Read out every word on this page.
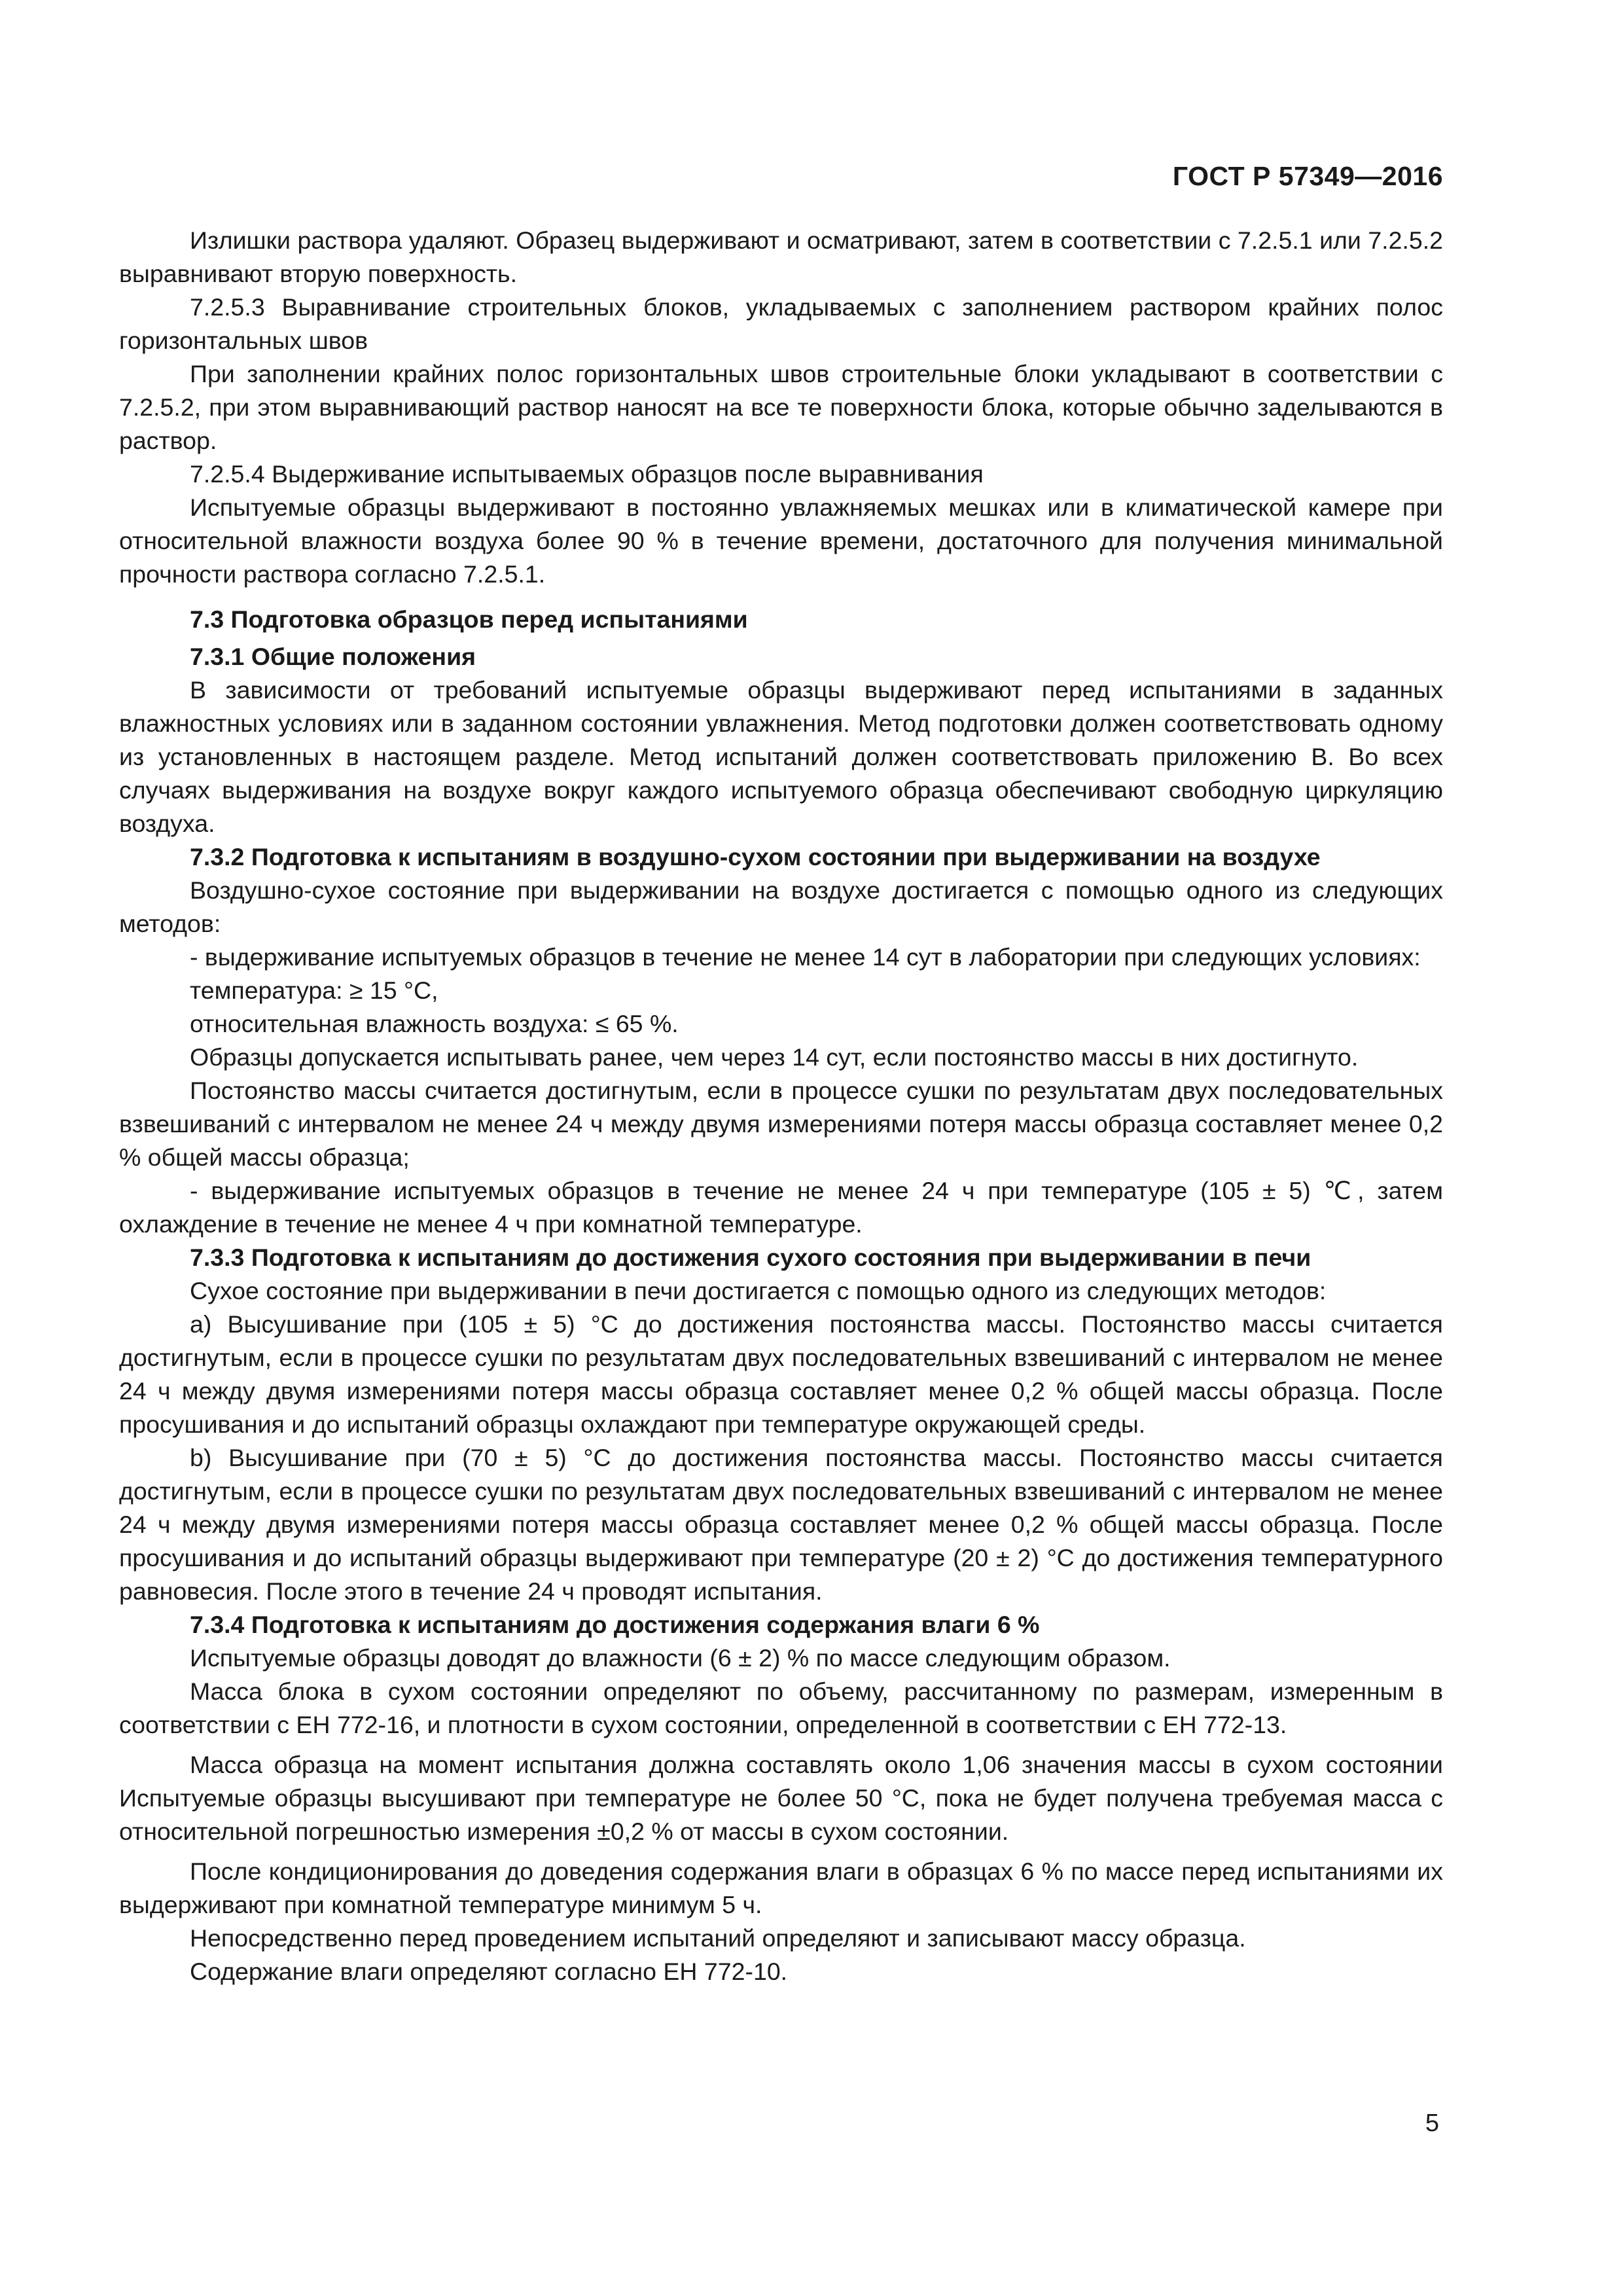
ГОСТ Р 57349—2016

Излишки раствора удаляют. Образец выдерживают и осматривают, затем в соответствии с 7.2.5.1 или 7.2.5.2 выравнивают вторую поверхность.

7.2.5.3 Выравнивание строительных блоков, укладываемых с заполнением раствором крайних полос горизонтальных швов

При заполнении крайних полос горизонтальных швов строительные блоки укладывают в соответствии с 7.2.5.2, при этом выравнивающий раствор наносят на все те поверхности блока, которые обычно заделываются в раствор.

7.2.5.4 Выдерживание испытываемых образцов после выравнивания

Испытуемые образцы выдерживают в постоянно увлажняемых мешках или в климатической камере при относительной влажности воздуха более 90 % в течение времени, достаточного для получения минимальной прочности раствора согласно 7.2.5.1.

7.3 Подготовка образцов перед испытаниями

7.3.1 Общие положения

В зависимости от требований испытуемые образцы выдерживают перед испытаниями в заданных влажностных условиях или в заданном состоянии увлажнения. Метод подготовки должен соответствовать одному из установленных в настоящем разделе. Метод испытаний должен соответствовать приложению В. Во всех случаях выдерживания на воздухе вокруг каждого испытуемого образца обеспечивают свободную циркуляцию воздуха.

7.3.2 Подготовка к испытаниям в воздушно-сухом состоянии при выдерживании на воздухе

Воздушно-сухое состояние при выдерживании на воздухе достигается с помощью одного из следующих методов:

- выдерживание испытуемых образцов в течение не менее 14 сут в лаборатории при следующих условиях:

температура: ≥ 15 °С,

относительная влажность воздуха: ≤ 65 %.

Образцы допускается испытывать ранее, чем через 14 сут, если постоянство массы в них достигнуто.

Постоянство массы считается достигнутым, если в процессе сушки по результатам двух последовательных взвешиваний с интервалом не менее 24 ч между двумя измерениями потеря массы образца составляет менее 0,2 % общей массы образца;

- выдерживание испытуемых образцов в течение не менее 24 ч при температуре (105 ± 5) ℃, затем охлаждение в течение не менее 4 ч при комнатной температуре.

7.3.3 Подготовка к испытаниям до достижения сухого состояния при выдерживании в печи

Сухое состояние при выдерживании в печи достигается с помощью одного из следующих методов:

а) Высушивание при (105 ± 5) °С до достижения постоянства массы. Постоянство массы считается достигнутым, если в процессе сушки по результатам двух последовательных взвешиваний с интервалом не менее 24 ч между двумя измерениями потеря массы образца составляет менее 0,2 % общей массы образца. После просушивания и до испытаний образцы охлаждают при температуре окружающей среды.

b) Высушивание при (70 ± 5) °С до достижения постоянства массы. Постоянство массы считается достигнутым, если в процессе сушки по результатам двух последовательных взвешиваний с интервалом не менее 24 ч между двумя измерениями потеря массы образца составляет менее 0,2 % общей массы образца. После просушивания и до испытаний образцы выдерживают при температуре (20 ± 2) °С до достижения температурного равновесия. После этого в течение 24 ч проводят испытания.

7.3.4 Подготовка к испытаниям до достижения содержания влаги 6 %

Испытуемые образцы доводят до влажности (6 ± 2) % по массе следующим образом.

Масса блока в сухом состоянии определяют по объему, рассчитанному по размерам, измеренным в соответствии с ЕН 772-16, и плотности в сухом состоянии, определенной в соответствии с ЕН 772-13.

Масса образца на момент испытания должна составлять около 1,06 значения массы в сухом состоянии Испытуемые образцы высушивают при температуре не более 50 °С, пока не будет получена требуемая масса с относительной погрешностью измерения ±0,2 % от массы в сухом состоянии.

После кондиционирования до доведения содержания влаги в образцах 6 % по массе перед испытаниями их выдерживают при комнатной температуре минимум 5 ч.

Непосредственно перед проведением испытаний определяют и записывают массу образца.

Содержание влаги определяют согласно ЕН 772-10.

5
